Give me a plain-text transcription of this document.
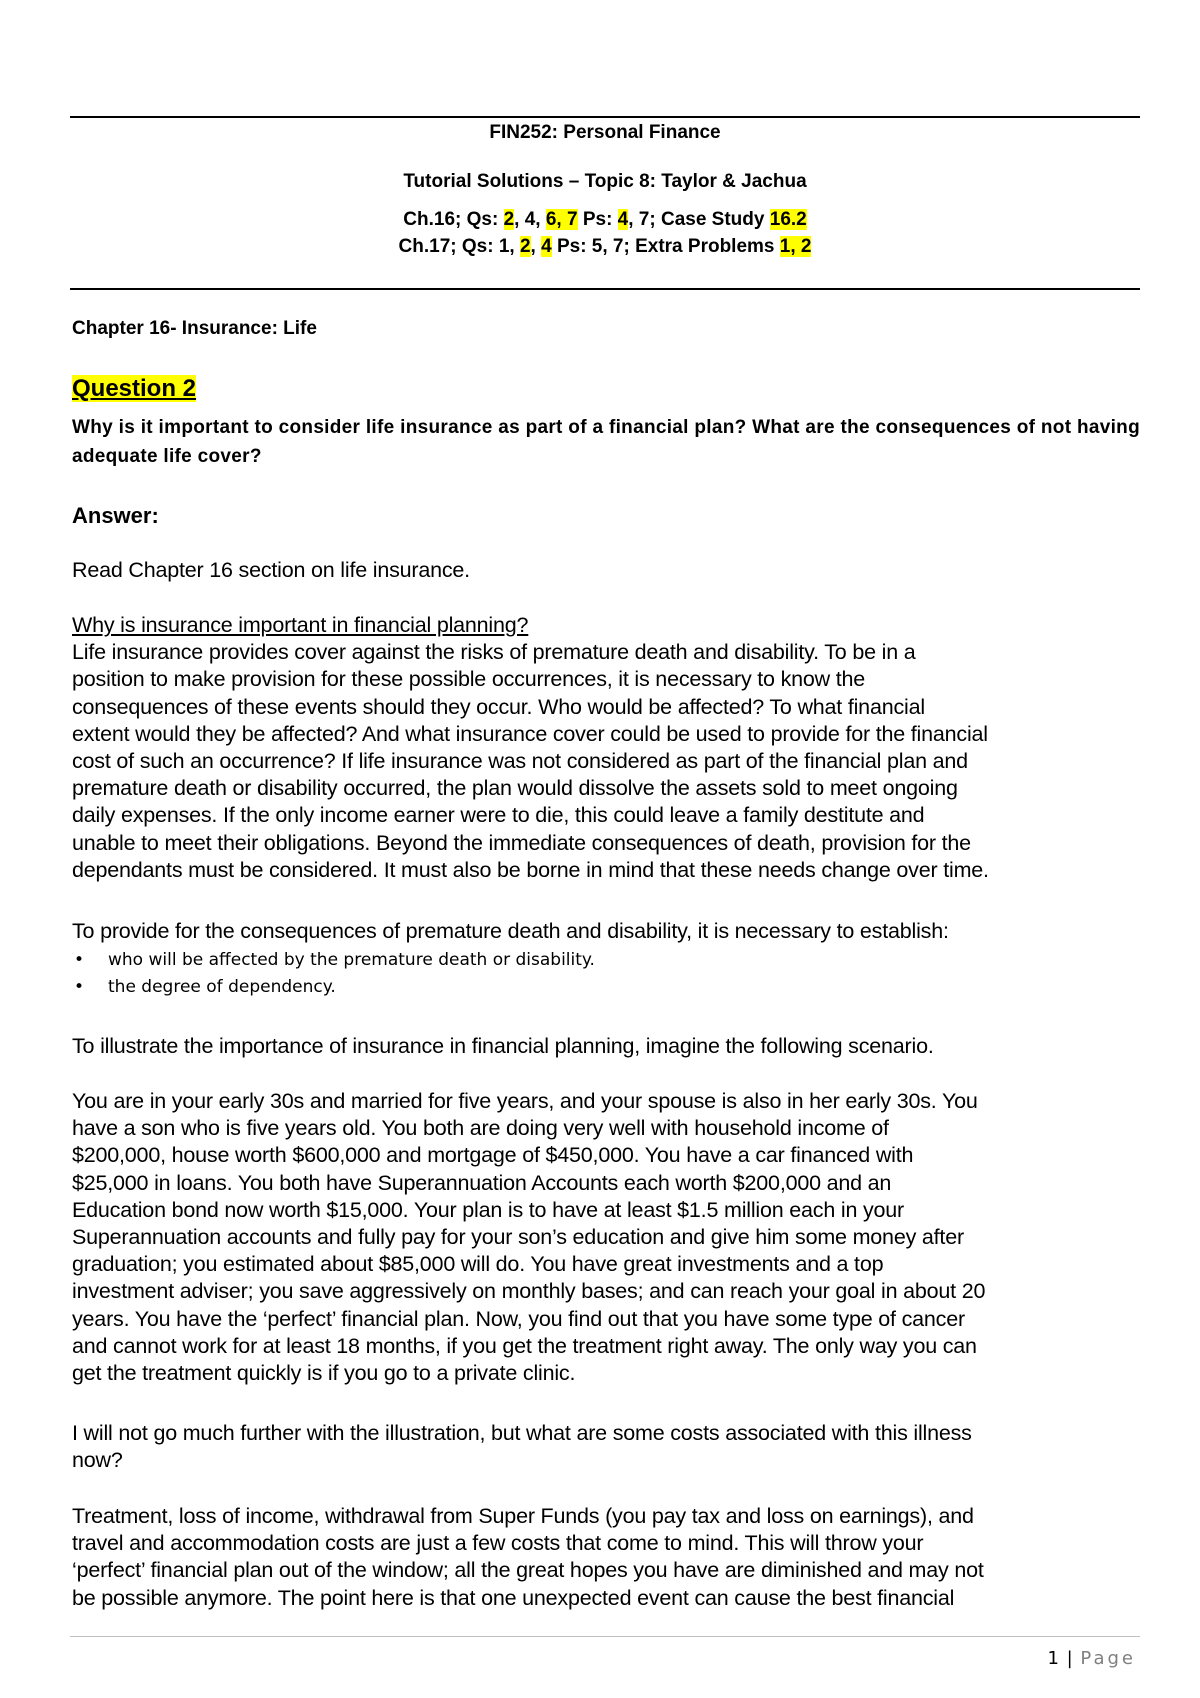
FIN252: Personal Finance
Tutorial Solutions – Topic 8: Taylor & Jachua
Ch.16; Qs: 2, 4, 6, 7 Ps: 4, 7; Case Study 16.2
Ch.17; Qs: 1, 2, 4 Ps: 5, 7; Extra Problems 1, 2
Chapter 16- Insurance: Life
Question 2
Why is it important to consider life insurance as part of a financial plan? What are the consequences of not having adequate life cover?
Answer:
Read Chapter 16 section on life insurance.

Why is insurance important in financial planning?

Life insurance provides cover against the risks of premature death and disability. To be in a

position to make provision for these possible occurrences, it is necessary to know the

consequences of these events should they occur. Who would be affected? To what financial

extent would they be affected? And what insurance cover could be used to provide for the financial

cost of such an occurrence? If life insurance was not considered as part of the financial plan and

premature death or disability occurred, the plan would dissolve the assets sold to meet ongoing

daily expenses. If the only income earner were to die, this could leave a family destitute and

unable to meet their obligations. Beyond the immediate consequences of death, provision for the

dependants must be considered. It must also be borne in mind that these needs change over time.

To provide for the consequences of premature death and disability, it is necessary to establish:
• who will be affected by the premature death or disability.
• the degree of dependency.
To illustrate the importance of insurance in financial planning, imagine the following scenario.

You are in your early 30s and married for five years, and your spouse is also in her early 30s. You

have a son who is five years old. You both are doing very well with household income of

$200,000, house worth $600,000 and mortgage of $450,000. You have a car financed with

$25,000 in loans. You both have Superannuation Accounts each worth $200,000 and an

Education bond now worth $15,000. Your plan is to have at least $1.5 million each in your

Superannuation accounts and fully pay for your son’s education and give him some money after

graduation; you estimated about $85,000 will do. You have great investments and a top

investment adviser; you save aggressively on monthly bases; and can reach your goal in about 20

years. You have the ‘perfect’ financial plan. Now, you find out that you have some type of cancer

and cannot work for at least 18 months, if you get the treatment right away. The only way you can

get the treatment quickly is if you go to a private clinic.

I will not go much further with the illustration, but what are some costs associated with this illness

now?

Treatment, loss of income, withdrawal from Super Funds (you pay tax and loss on earnings), and

travel and accommodation costs are just a few costs that come to mind. This will throw your

‘perfect’ financial plan out of the window; all the great hopes you have are diminished and may not

be possible anymore. The point here is that one unexpected event can cause the best financial

1 | Page
